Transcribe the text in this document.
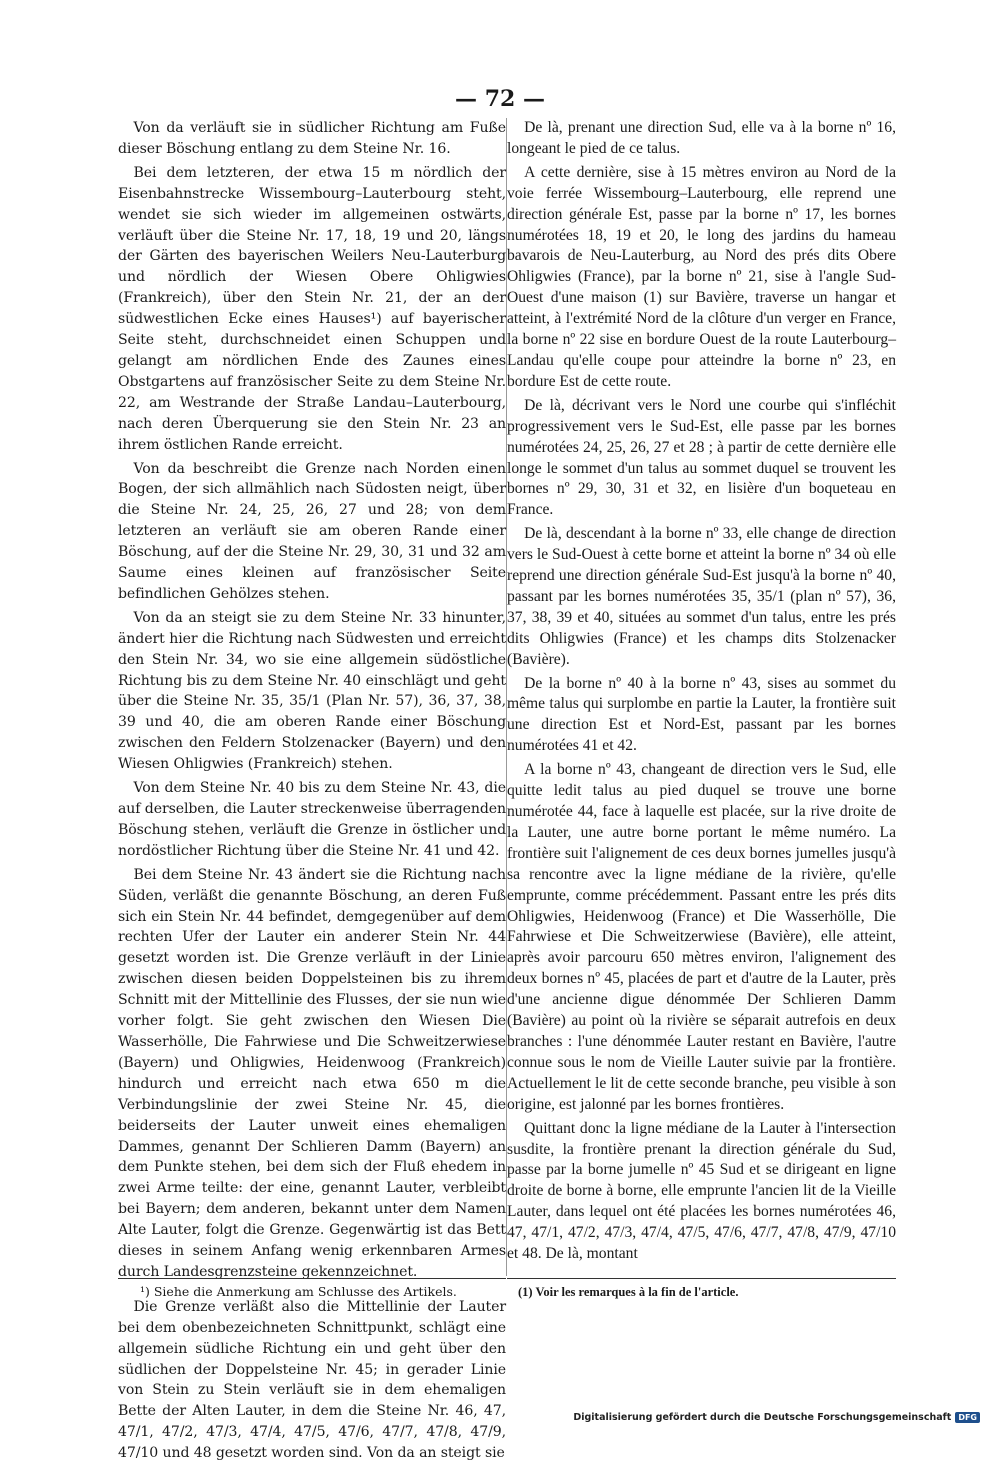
— 72 —

Von da verläuft sie in südlicher Richtung am Fuße dieser Böschung entlang zu dem Steine Nr. 16.

Bei dem letzteren, der etwa 15 m nördlich der Eisenbahnstrecke Wissembourg–Lauterbourg steht, wendet sie sich wieder im allgemeinen ostwärts, verläuft über die Steine Nr. 17, 18, 19 und 20, längs der Gärten des bayerischen Weilers Neu-Lauterburg und nördlich der Wiesen Obere Ohligwies (Frankreich), über den Stein Nr. 21, der an der südwestlichen Ecke eines Hauses¹) auf bayerischer Seite steht, durchschneidet einen Schuppen und gelangt am nördlichen Ende des Zaunes eines Obstgartens auf französischer Seite zu dem Steine Nr. 22, am Westrande der Straße Landau–Lauterbourg, nach deren Überquerung sie den Stein Nr. 23 an ihrem östlichen Rande erreicht.

Von da beschreibt die Grenze nach Norden einen Bogen, der sich allmählich nach Südosten neigt, über die Steine Nr. 24, 25, 26, 27 und 28; von dem letzteren an verläuft sie am oberen Rande einer Böschung, auf der die Steine Nr. 29, 30, 31 und 32 am Saume eines kleinen auf französischer Seite befindlichen Gehölzes stehen.

Von da an steigt sie zu dem Steine Nr. 33 hinunter, ändert hier die Richtung nach Südwesten und erreicht den Stein Nr. 34, wo sie eine allgemein südöstliche Richtung bis zu dem Steine Nr. 40 einschlägt und geht über die Steine Nr. 35, 35/1 (Plan Nr. 57), 36, 37, 38, 39 und 40, die am oberen Rande einer Böschung zwischen den Feldern Stolzenacker (Bayern) und den Wiesen Ohligwies (Frankreich) stehen.

Von dem Steine Nr. 40 bis zu dem Steine Nr. 43, die auf derselben, die Lauter streckenweise überragenden Böschung stehen, verläuft die Grenze in östlicher und nordöstlicher Richtung über die Steine Nr. 41 und 42.

Bei dem Steine Nr. 43 ändert sie die Richtung nach Süden, verläßt die genannte Böschung, an deren Fuß sich ein Stein Nr. 44 befindet, demgegenüber auf dem rechten Ufer der Lauter ein anderer Stein Nr. 44 gesetzt worden ist. Die Grenze verläuft in der Linie zwischen diesen beiden Doppelsteinen bis zu ihrem Schnitt mit der Mittellinie des Flusses, der sie nun wie vorher folgt. Sie geht zwischen den Wiesen Die Wasserhölle, Die Fahrwiese und Die Schweitzerwiese (Bayern) und Ohligwies, Heidenwoog (Frankreich) hindurch und erreicht nach etwa 650 m die Verbindungslinie der zwei Steine Nr. 45, die beiderseits der Lauter unweit eines ehemaligen Dammes, genannt Der Schlieren Damm (Bayern) an dem Punkte stehen, bei dem sich der Fluß ehedem in zwei Arme teilte: der eine, genannt Lauter, verbleibt bei Bayern; dem anderen, bekannt unter dem Namen Alte Lauter, folgt die Grenze. Gegenwärtig ist das Bett dieses in seinem Anfang wenig erkennbaren Armes durch Landesgrenzsteine gekennzeichnet.

Die Grenze verläßt also die Mittellinie der Lauter bei dem obenbezeichneten Schnittpunkt, schlägt eine allgemein südliche Richtung ein und geht über den südlichen der Doppelsteine Nr. 45; in gerader Linie von Stein zu Stein verläuft sie in dem ehemaligen Bette der Alten Lauter, in dem die Steine Nr. 46, 47, 47/1, 47/2, 47/3, 47/4, 47/5, 47/6, 47/7, 47/8, 47/9, 47/10 und 48 gesetzt worden sind. Von da an steigt sie

De là, prenant une direction Sud, elle va à la borne nº 16, longeant le pied de ce talus.

A cette dernière, sise à 15 mètres environ au Nord de la voie ferrée Wissembourg–Lauterbourg, elle reprend une direction générale Est, passe par la borne nº 17, les bornes numérotées 18, 19 et 20, le long des jardins du hameau bavarois de Neu-Lauterburg, au Nord des prés dits Obere Ohligwies (France), par la borne nº 21, sise à l'angle Sud-Ouest d'une maison (1) sur Bavière, traverse un hangar et atteint, à l'extrémité Nord de la clôture d'un verger en France, la borne nº 22 sise en bordure Ouest de la route Lauterbourg–Landau qu'elle coupe pour atteindre la borne nº 23, en bordure Est de cette route.

De là, décrivant vers le Nord une courbe qui s'infléchit progressivement vers le Sud-Est, elle passe par les bornes numérotées 24, 25, 26, 27 et 28 ; à partir de cette dernière elle longe le sommet d'un talus au sommet duquel se trouvent les bornes nº 29, 30, 31 et 32, en lisière d'un boqueteau en France.

De là, descendant à la borne nº 33, elle change de direction vers le Sud-Ouest à cette borne et atteint la borne nº 34 où elle reprend une direction générale Sud-Est jusqu'à la borne nº 40, passant par les bornes numérotées 35, 35/1 (plan nº 57), 36, 37, 38, 39 et 40, situées au sommet d'un talus, entre les prés dits Ohligwies (France) et les champs dits Stolzenacker (Bavière).

De la borne nº 40 à la borne nº 43, sises au sommet du même talus qui surplombe en partie la Lauter, la frontière suit une direction Est et Nord-Est, passant par les bornes numérotées 41 et 42.

A la borne nº 43, changeant de direction vers le Sud, elle quitte ledit talus au pied duquel se trouve une borne numérotée 44, face à laquelle est placée, sur la rive droite de la Lauter, une autre borne portant le même numéro. La frontière suit l'alignement de ces deux bornes jumelles jusqu'à sa rencontre avec la ligne médiane de la rivière, qu'elle emprunte, comme précédemment. Passant entre les prés dits Ohligwies, Heidenwoog (France) et Die Wasserhölle, Die Fahrwiese et Die Schweitzerwiese (Bavière), elle atteint, après avoir parcouru 650 mètres environ, l'alignement des deux bornes nº 45, placées de part et d'autre de la Lauter, près d'une ancienne digue dénommée Der Schlieren Damm (Bavière) au point où la rivière se séparait autrefois en deux branches : l'une dénommée Lauter restant en Bavière, l'autre connue sous le nom de Vieille Lauter suivie par la frontière. Actuellement le lit de cette seconde branche, peu visible à son origine, est jalonné par les bornes frontières.

Quittant donc la ligne médiane de la Lauter à l'intersection susdite, la frontière prenant la direction générale du Sud, passe par la borne jumelle nº 45 Sud et se dirigeant en ligne droite de borne à borne, elle emprunte l'ancien lit de la Vieille Lauter, dans lequel ont été placées les bornes numérotées 46, 47, 47/1, 47/2, 47/3, 47/4, 47/5, 47/6, 47/7, 47/8, 47/9, 47/10 et 48. De là, montant

¹) Siehe die Anmerkung am Schlusse des Artikels.	(1) Voir les remarques à la fin de l'article.
Digitalisierung gefördert durch die Deutsche Forschungsgemeinschaft DFG
